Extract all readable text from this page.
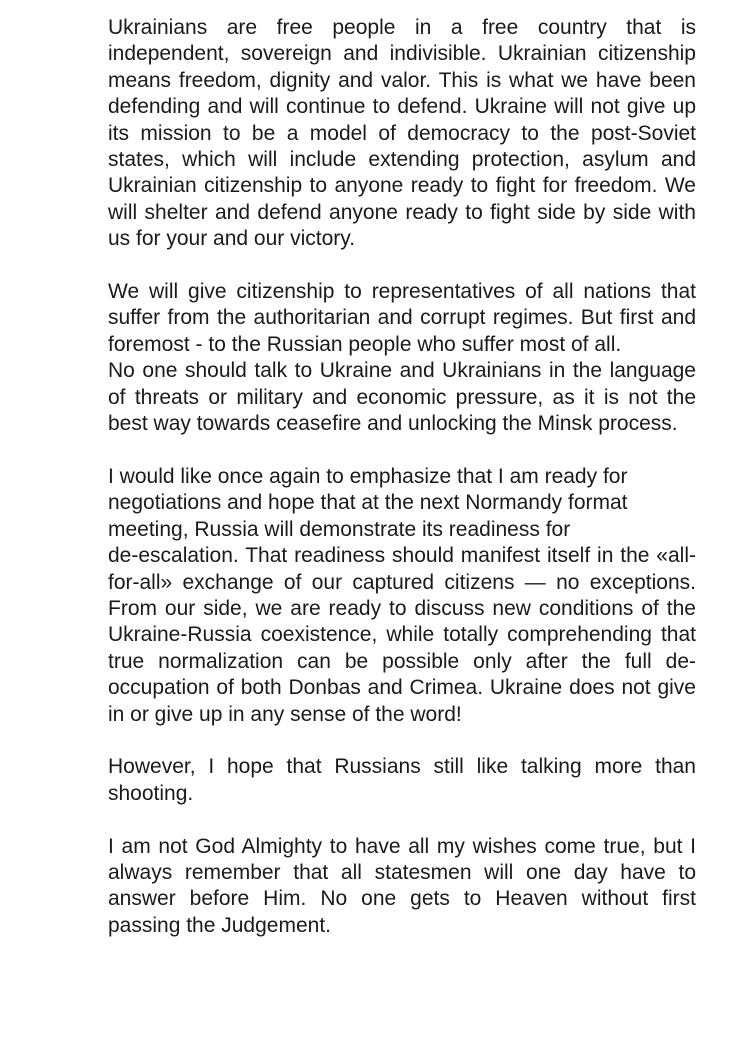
Ukrainians are free people in a free country that is independent, sovereign and indivisible. Ukrainian citizenship means freedom, dignity and valor. This is what we have been defending and will continue to defend. Ukraine will not give up its mission to be a model of democracy to the post-Soviet states, which will include extending protection, asylum and Ukrainian citizenship to anyone ready to fight for freedom. We will shelter and defend anyone ready to fight side by side with us for your and our victory.

We will give citizenship to representatives of all nations that suffer from the authoritarian and corrupt regimes. But first and foremost - to the Russian people who suffer most of all.

No one should talk to Ukraine and Ukrainians in the language of threats or military and economic pressure, as it is not the best way towards ceasefire and unlocking the Minsk process.

I would like once again to emphasize that I am ready for negotiations and hope that at the next Normandy format meeting, Russia will demonstrate its readiness for

de-escalation. That readiness should manifest itself in the «all-for-all» exchange of our captured citizens — no exceptions. From our side, we are ready to discuss new conditions of the Ukraine-Russia coexistence, while totally comprehending that true normalization can be possible only after the full de-occupation of both Donbas and Crimea. Ukraine does not give in or give up in any sense of the word!

However, I hope that Russians still like talking more than shooting.

I am not God Almighty to have all my wishes come true, but I always remember that all statesmen will one day have to answer before Him. No one gets to Heaven without first passing the Judgement.
